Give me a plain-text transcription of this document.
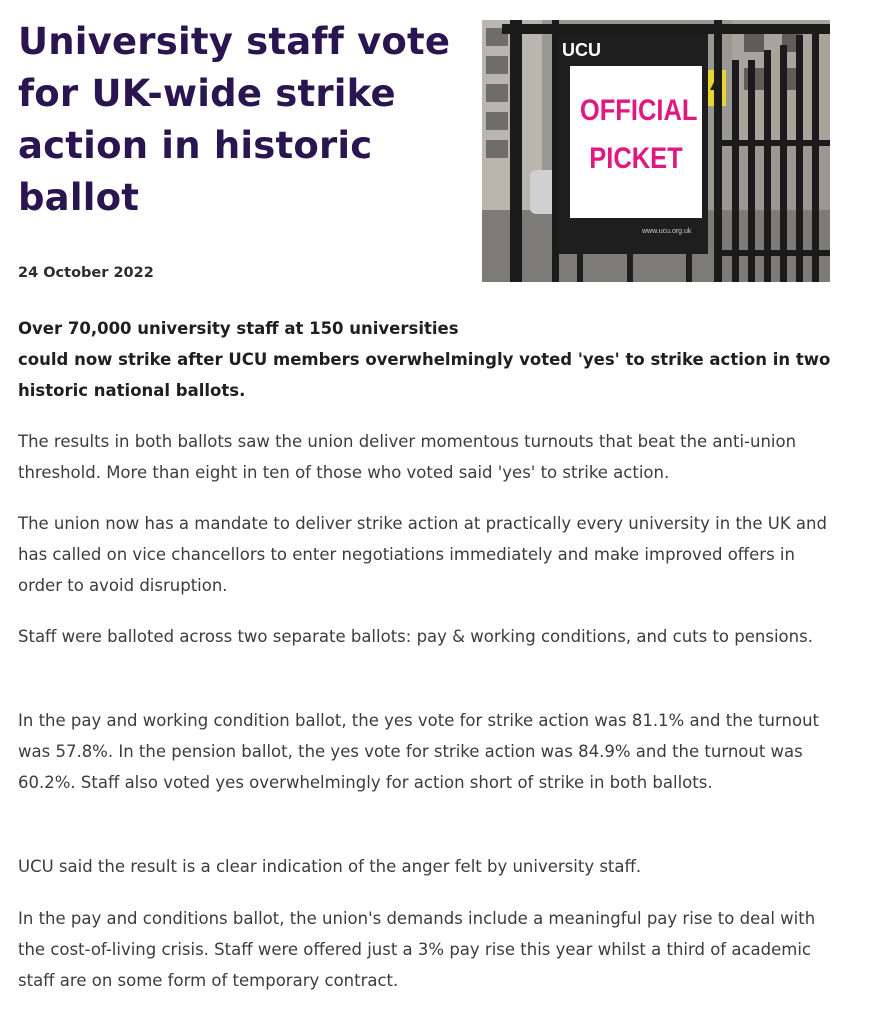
University staff vote for UK-wide strike action in historic ballot
UCU
OFFICIAL
PICKET
www.ucu.org.uk
24 October 2022
Over 70,000 university staff at 150 universities
could now strike after UCU members overwhelmingly voted 'yes' to strike action in two historic national ballots.

The results in both ballots saw the union deliver momentous turnouts that beat the anti-union threshold. More than eight in ten of those who voted said 'yes' to strike action.

The union now has a mandate to deliver strike action at practically every university in the UK and has called on vice chancellors to enter negotiations immediately and make improved offers in order to avoid disruption.

Staff were balloted across two separate ballots: pay & working conditions, and cuts to pensions.

In the pay and working condition ballot, the yes vote for strike action was 81.1% and the turnout was 57.8%. In the pension ballot, the yes vote for strike action was 84.9% and the turnout was 60.2%. Staff also voted yes overwhelmingly for action short of strike in both ballots.

UCU said the result is a clear indication of the anger felt by university staff.

In the pay and conditions ballot, the union's demands include a meaningful pay rise to deal with the cost-of-living crisis. Staff were offered just a 3% pay rise this year whilst a third of academic staff are on some form of temporary contract.
